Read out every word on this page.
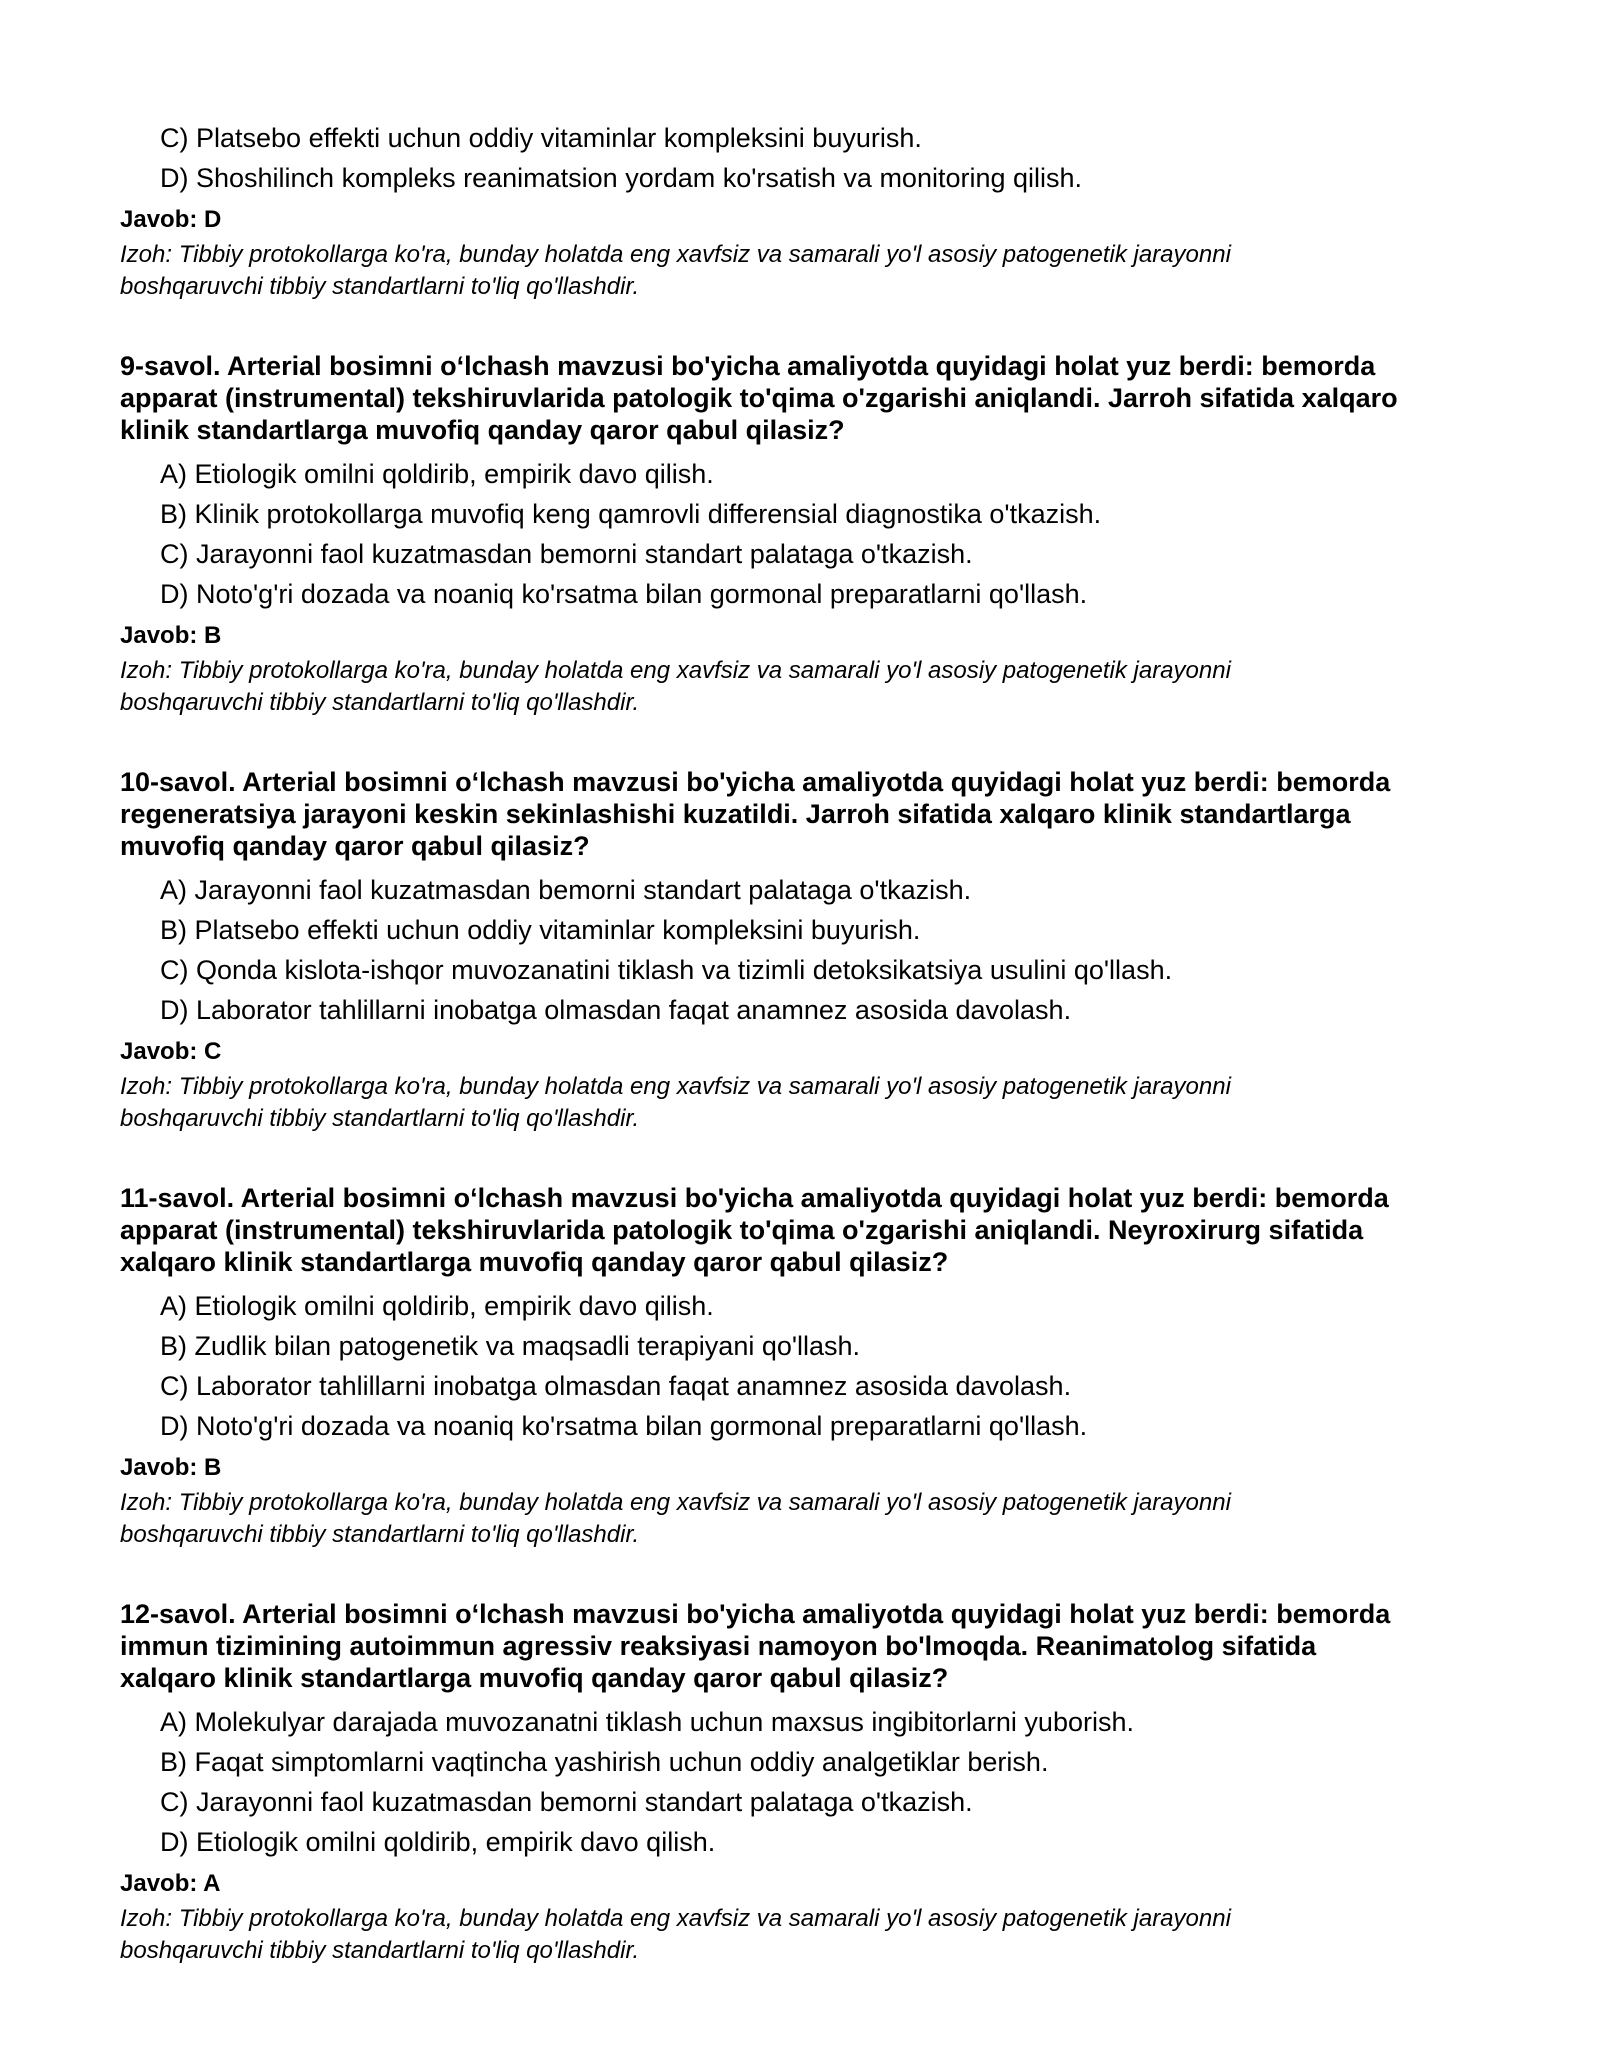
C) Platsebo effekti uchun oddiy vitaminlar kompleksini buyurish.
D) Shoshilinch kompleks reanimatsion yordam ko'rsatish va monitoring qilish.
Javob: D
Izoh: Tibbiy protokollarga ko'ra, bunday holatda eng xavfsiz va samarali yo'l asosiy patogenetik jarayonni
boshqaruvchi tibbiy standartlarni to'liq qo'llashdir.
9-savol. Arterial bosimni o‘lchash mavzusi bo'yicha amaliyotda quyidagi holat yuz berdi: bemorda
apparat (instrumental) tekshiruvlarida patologik to'qima o'zgarishi aniqlandi. Jarroh sifatida xalqaro
klinik standartlarga muvofiq qanday qaror qabul qilasiz?
A) Etiologik omilni qoldirib, empirik davo qilish.
B) Klinik protokollarga muvofiq keng qamrovli differensial diagnostika o'tkazish.
C) Jarayonni faol kuzatmasdan bemorni standart palataga o'tkazish.
D) Noto'g'ri dozada va noaniq ko'rsatma bilan gormonal preparatlarni qo'llash.
Javob: B
Izoh: Tibbiy protokollarga ko'ra, bunday holatda eng xavfsiz va samarali yo'l asosiy patogenetik jarayonni
boshqaruvchi tibbiy standartlarni to'liq qo'llashdir.
10-savol. Arterial bosimni o‘lchash mavzusi bo'yicha amaliyotda quyidagi holat yuz berdi: bemorda
regeneratsiya jarayoni keskin sekinlashishi kuzatildi. Jarroh sifatida xalqaro klinik standartlarga
muvofiq qanday qaror qabul qilasiz?
A) Jarayonni faol kuzatmasdan bemorni standart palataga o'tkazish.
B) Platsebo effekti uchun oddiy vitaminlar kompleksini buyurish.
C) Qonda kislota-ishqor muvozanatini tiklash va tizimli detoksikatsiya usulini qo'llash.
D) Laborator tahlillarni inobatga olmasdan faqat anamnez asosida davolash.
Javob: C
Izoh: Tibbiy protokollarga ko'ra, bunday holatda eng xavfsiz va samarali yo'l asosiy patogenetik jarayonni
boshqaruvchi tibbiy standartlarni to'liq qo'llashdir.
11-savol. Arterial bosimni o‘lchash mavzusi bo'yicha amaliyotda quyidagi holat yuz berdi: bemorda
apparat (instrumental) tekshiruvlarida patologik to'qima o'zgarishi aniqlandi. Neyroxirurg sifatida
xalqaro klinik standartlarga muvofiq qanday qaror qabul qilasiz?
A) Etiologik omilni qoldirib, empirik davo qilish.
B) Zudlik bilan patogenetik va maqsadli terapiyani qo'llash.
C) Laborator tahlillarni inobatga olmasdan faqat anamnez asosida davolash.
D) Noto'g'ri dozada va noaniq ko'rsatma bilan gormonal preparatlarni qo'llash.
Javob: B
Izoh: Tibbiy protokollarga ko'ra, bunday holatda eng xavfsiz va samarali yo'l asosiy patogenetik jarayonni
boshqaruvchi tibbiy standartlarni to'liq qo'llashdir.
12-savol. Arterial bosimni o‘lchash mavzusi bo'yicha amaliyotda quyidagi holat yuz berdi: bemorda
immun tizimining autoimmun agressiv reaksiyasi namoyon bo'lmoqda. Reanimatolog sifatida
xalqaro klinik standartlarga muvofiq qanday qaror qabul qilasiz?
A) Molekulyar darajada muvozanatni tiklash uchun maxsus ingibitorlarni yuborish.
B) Faqat simptomlarni vaqtincha yashirish uchun oddiy analgetiklar berish.
C) Jarayonni faol kuzatmasdan bemorni standart palataga o'tkazish.
D) Etiologik omilni qoldirib, empirik davo qilish.
Javob: A
Izoh: Tibbiy protokollarga ko'ra, bunday holatda eng xavfsiz va samarali yo'l asosiy patogenetik jarayonni
boshqaruvchi tibbiy standartlarni to'liq qo'llashdir.
